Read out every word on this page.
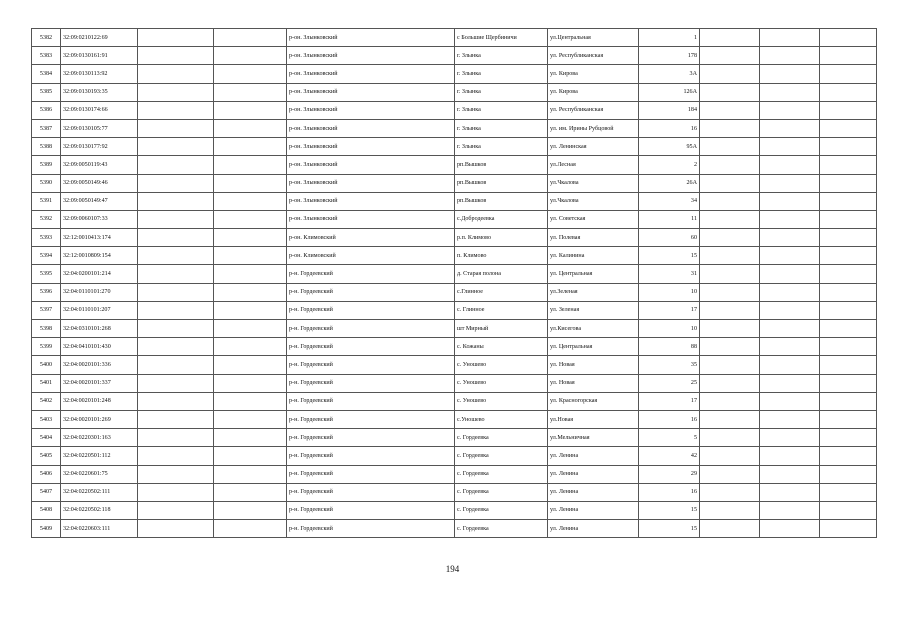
5382	32:09:0210122:69			р-он. Злынковский	с Большие Щербиничи	ул.Центральная	1			
5383	32:09:0130161:91			р-он. Злынковский	г. Злынка	ул. Республиканская	178			
5384	32:09:0130113:92			р-он. Злынковский	г. Злынка	ул. Кирова	3А			
5385	32:09:0130193:35			р-он. Злынковский	г. Злынка	ул. Кирова	126А			
5386	32:09:0130174:66			р-он. Злынковский	г. Злынка	ул. Республиканская	184			
5387	32:09:0130105:77			р-он. Злынковский	г. Злынка	ул. им. Ирины Рубцовой	16			
5388	32:09:0130177:92			р-он. Злынковский	г. Злынка	ул. Ленинская	95А			
5389	32:09:0050119:43			р-он. Злынковский	рп.Вышков	ул.Лесная	2			
5390	32:09:0050149:46			р-он. Злынковский	рп.Вышков	ул.Чкалова	26А			
5391	32:09:0050149:47			р-он. Злынковский	рп.Вышков	ул.Чкалова	34			
5392	32:09:0060107:33			р-он. Злынковский	с.Добродеевка	ул. Советская	11			
5393	32:12:0010413:174			р-он. Климовский	р.п. Климово	ул. Полевая	60			
5394	32:12:0010809:154			р-он. Климовский	п. Климово	ул. Калинина	15			
5395	32:04:0200101:214			р-н. Гордеевский	д. Старая полона	ул. Центральная	31			
5396	32:04:0110101:270			р-н. Гордеевский	с.Глинное	ул.Зеленая	10			
5397	32:04:0110101:207			р-н. Гордеевский	с. Глинное	ул. Зеленая	17			
5398	32:04:0310101:268			р-н. Гордеевский	шт Мирный	ул.Кисегова	10			
5399	32:04:0410101:430			р-н. Гордеевский	с. Кожаны	ул. Центральная	88			
5400	32:04:0020101:336			р-н. Гордеевский	с. Уношево	ул. Новая	35			
5401	32:04:0020101:337			р-н. Гордеевский	с. Уношево	ул. Новая	25			
5402	32:04:0020101:248			р-н. Гордеевский	с. Уношево	ул. Красногорская	17			
5403	32:04:0020101:269			р-н. Гордеевский	с.Уношево	ул.Новая	16			
5404	32:04:0220301:163			р-н. Гордеевский	с. Гордеевка	ул.Мельничная	5			
5405	32:04:0220501:112			р-н. Гордеевский	с. Гордеевка	ул. Ленина	42			
5406	32:04:0220601:75			р-н. Гордеевский	с. Гордеевка	ул. Ленина	29			
5407	32:04:0220502:111			р-н. Гордеевский	с. Гордеевка	ул. Ленина	16			
5408	32:04:0220502:118			р-н. Гордеевский	с. Гордеевка	ул. Ленина	15			
5409	32:04:0220603:111			р-н. Гордеевский	с. Гордеевка	ул. Ленина	15			
194
